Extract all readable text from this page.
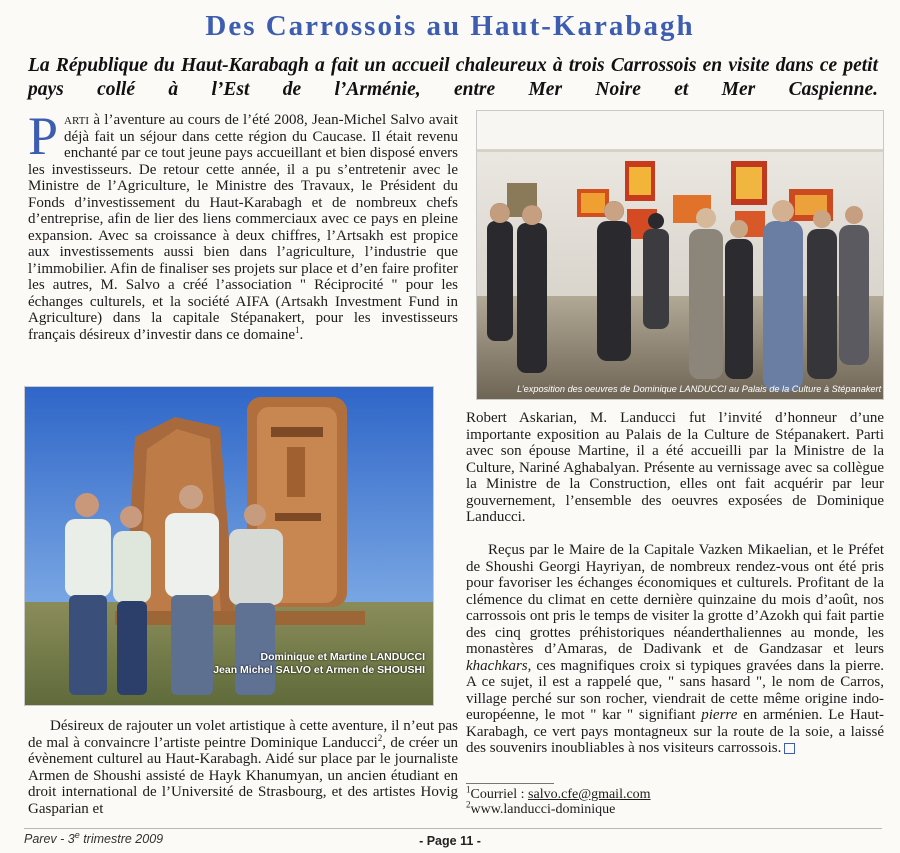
Des Carrossois au Haut-Karabagh
La République du Haut-Karabagh a fait un accueil chaleureux à trois Carrossois en visite dans ce petit pays collé à l’Est de l’Arménie, entre Mer Noire et Mer Caspienne.
Parti à l’aventure au cours de l’été 2008, Jean-Michel Salvo avait déjà fait un séjour dans cette région du Caucase. Il était revenu enchanté par ce tout jeune pays accueillant et bien disposé envers les investisseurs. De retour cette année, il a pu s’entretenir avec le Ministre de l’Agriculture, le Ministre des Travaux, le Président du Fonds d’investissement du Haut-Karabagh et de nombreux chefs d’entreprise, afin de lier des liens commerciaux avec ce pays en pleine expansion. Avec sa croissance à deux chiffres, l’Artsakh est propice aux investissements aussi bien dans l’agriculture, l’industrie que l’immobilier. Afin de finaliser ses projets sur place et d’en faire profiter les autres, M. Salvo a créé l’association " Réciprocité " pour les échanges culturels, et la société AIFA (Artsakh Investment Fund in Agriculture) dans la capitale Stépanakert, pour les investisseurs français désireux d’investir dans ce domaine$^1$.
L’exposition des oeuvres de Dominique LANDUCCI au Palais de la Culture à Stépanakert
Dominique et Martine LANDUCCI
Jean Michel SALVO et Armen de SHOUSHI
Robert Askarian, M. Landucci fut l’invité d’honneur d’une importante exposition au Palais de la Culture de Stépanakert. Parti avec son épouse Martine, il a été accueilli par la Ministre de la Culture, Nariné Aghabalyan. Présente au vernissage avec sa collègue la Ministre de la Construction, elles ont fait acquérir par leur gouvernement, l’ensemble des oeuvres exposées de Dominique Landucci.
Reçus par le Maire de la Capitale Vazken Mikaelian, et le Préfet de Shoushi Georgi Hayriyan, de nombreux rendez-vous ont été pris pour favoriser les échanges économiques et culturels. Profitant de la clémence du climat en cette dernière quinzaine du mois d’août, nos carrossois ont pris le temps de visiter la grotte d’Azokh qui fait partie des cinq grottes préhistoriques néanderthaliennes au monde, les monastères d’Amaras, de Dadivank et de Gandzasar et leurs khachkars, ces magnifiques croix si typiques gravées dans la pierre. A ce sujet, il est a rappelé que, " sans hasard ", le nom de Carros, village perché sur son rocher, viendrait de cette même origine indo-européenne, le mot " kar " signifiant pierre en arménien. Le Haut-Karabagh, ce vert pays montagneux sur la route de la soie, a laissé des souvenirs inoubliables à nos visiteurs carrossois.
Désireux de rajouter un volet artistique à cette aventure, il n’eut pas de mal à convaincre l’artiste peintre Dominique Landucci$^2$, de créer un évènement culturel au Haut-Karabagh. Aidé sur place par le journaliste Armen de Shoushi assisté de Hayk Khanumyan, un ancien étudiant en droit international de l’Université de Strasbourg, et des artistes Hovig Gasparian et
$^1$Courriel : salvo.cfe@gmail.com
$^2$www.landucci-dominique
Parev - 3e trimestre 2009	- Page 11 -
